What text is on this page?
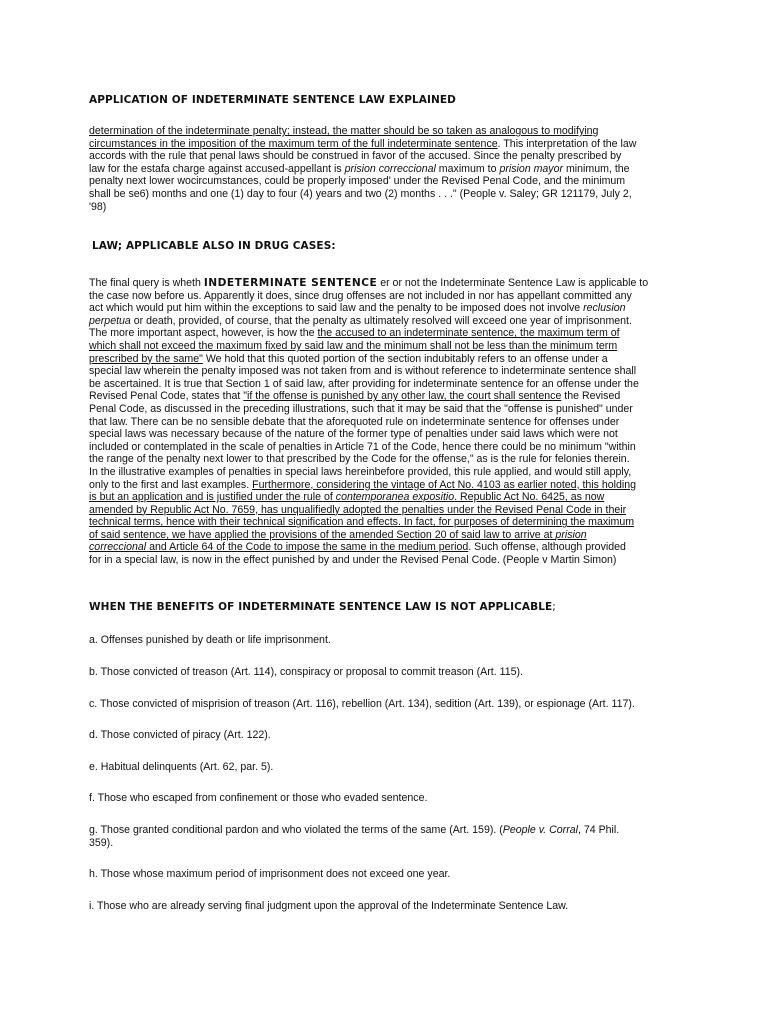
APPLICATION OF INDETERMINATE SENTENCE LAW EXPLAINED
determination of the indeterminate penalty; instead, the matter should be so taken as analogous to modifying
circumstances in the imposition of the maximum term of the full indeterminate sentence. This interpretation of the law
accords with the rule that penal laws should be construed in favor of the accused. Since the penalty prescribed by
law for the estafa charge against accused-appellant is prision correccional maximum to prision mayor minimum, the
penalty next lower wocircumstances, could be properly imposed' under the Revised Penal Code, and the minimum
shall be se6) months and one (1) day to four (4) years and two (2) months . . ." (People v. Saley; GR 121179, July 2,
'98)
LAW; APPLICABLE ALSO IN DRUG CASES:
The final query is wheth INDETERMINATE SENTENCE er or not the Indeterminate Sentence Law is applicable to
the case now before us. Apparently it does, since drug offenses are not included in nor has appellant committed any
act which would put him within the exceptions to said law and the penalty to be imposed does not involve reclusion
perpetua or death, provided, of course, that the penalty as ultimately resolved will exceed one year of imprisonment.
The more important aspect, however, is how the the accused to an indeterminate sentence, the maximum term of
which shall not exceed the maximum fixed by said law and the minimum shall not be less than the minimum term
prescribed by the same" We hold that this quoted portion of the section indubitably refers to an offense under a
special law wherein the penalty imposed was not taken from and is without reference to indeterminate sentence shall
be ascertained. It is true that Section 1 of said law, after providing for indeterminate sentence for an offense under the
Revised Penal Code, states that "if the offense is punished by any other law, the court shall sentence the Revised
Penal Code, as discussed in the preceding illustrations, such that it may be said that the "offense is punished" under
that law. There can be no sensible debate that the aforequoted rule on indeterminate sentence for offenses under
special laws was necessary because of the nature of the former type of penalties under said laws which were not
included or contemplated in the scale of penalties in Article 71 of the Code, hence there could be no minimum "within
the range of the penalty next lower to that prescribed by the Code for the offense," as is the rule for felonies therein.
In the illustrative examples of penalties in special laws hereinbefore provided, this rule applied, and would still apply,
only to the first and last examples. Furthermore, considering the vintage of Act No. 4103 as earlier noted, this holding
is but an application and is justified under the rule of contemporanea expositio. Republic Act No. 6425, as now
amended by Republic Act No. 7659, has unqualifiedly adopted the penalties under the Revised Penal Code in their
technical terms, hence with their technical signification and effects. In fact, for purposes of determining the maximum
of said sentence, we have applied the provisions of the amended Section 20 of said law to arrive at prision
correccional and Article 64 of the Code to impose the same in the medium period. Such offense, although provided
for in a special law, is now in the effect punished by and under the Revised Penal Code. (People v Martin Simon)
WHEN THE BENEFITS OF INDETERMINATE SENTENCE LAW IS NOT APPLICABLE;
a. Offenses punished by death or life imprisonment.
b. Those convicted of treason (Art. 114), conspiracy or proposal to commit treason (Art. 115).
c. Those convicted of misprision of treason (Art. 116), rebellion (Art. 134), sedition (Art. 139), or espionage (Art. 117).
d. Those convicted of piracy (Art. 122).
e. Habitual delinquents (Art. 62, par. 5).
f. Those who escaped from confinement or those who evaded sentence.
g. Those granted conditional pardon and who violated the terms of the same (Art. 159). (People v. Corral, 74 Phil.
359).
h. Those whose maximum period of imprisonment does not exceed one year.
i. Those who are already serving final judgment upon the approval of the Indeterminate Sentence Law.
